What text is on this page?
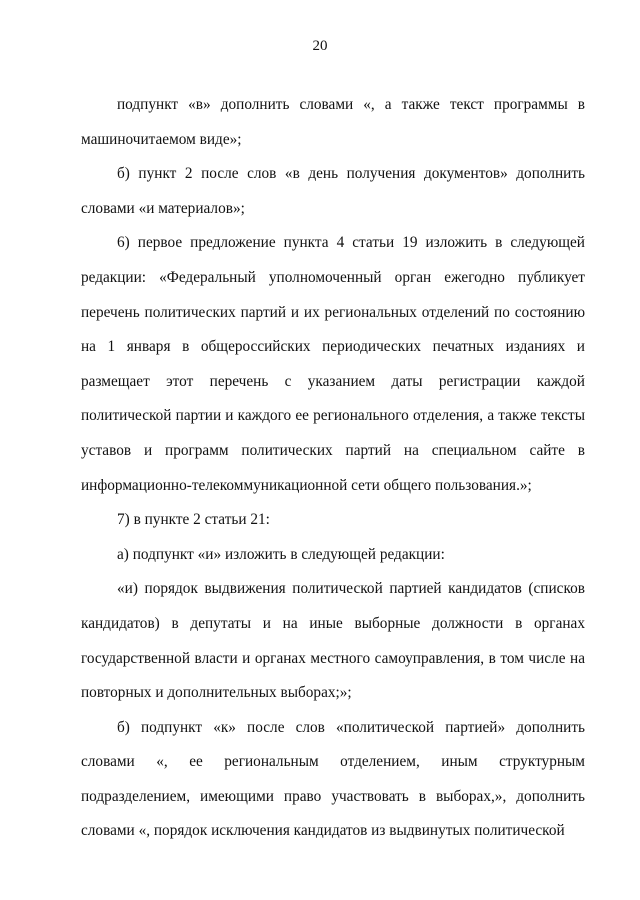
20

подпункт «в» дополнить словами «, а также текст программы в машиночитаемом виде»;

б) пункт 2 после слов «в день получения документов» дополнить словами «и материалов»;

6) первое предложение пункта 4 статьи 19 изложить в следующей редакции: «Федеральный уполномоченный орган ежегодно публикует перечень политических партий и их региональных отделений по состоянию на 1 января в общероссийских периодических печатных изданиях и размещает этот перечень с указанием даты регистрации каждой политической партии и каждого ее регионального отделения, а также тексты уставов и программ политических партий на специальном сайте в информационно-телекоммуникационной сети общего пользования.»;

7) в пункте 2 статьи 21:

а) подпункт «и» изложить в следующей редакции:

«и) порядок выдвижения политической партией кандидатов (списков кандидатов) в депутаты и на иные выборные должности в органах государственной власти и органах местного самоуправления, в том числе на повторных и дополнительных выборах;»;

б) подпункт «к» после слов «политической партией» дополнить словами «, ее региональным отделением, иным структурным подразделением, имеющими право участвовать в выборах,», дополнить словами «, порядок исключения кандидатов из выдвинутых политической
